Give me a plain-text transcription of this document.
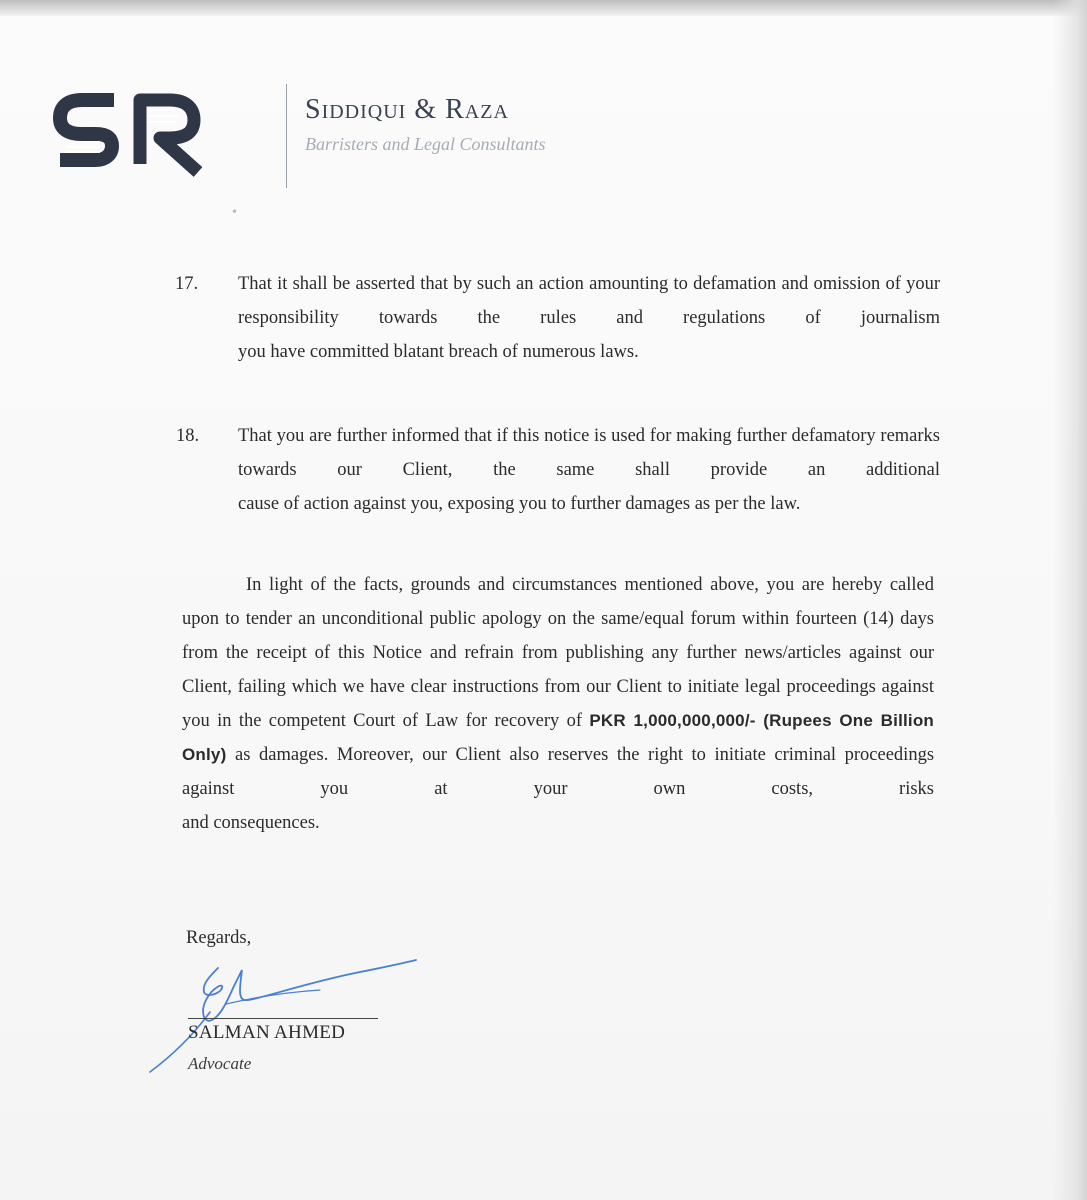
Siddiqui & Raza
Barristers and Legal Consultants
•
17. That it shall be asserted that by such an action amounting to defamation and omission of your responsibility towards the rules and regulations of journalism
you have committed blatant breach of numerous laws.
18. That you are further informed that if this notice is used for making further defamatory remarks towards our Client, the same shall provide an additional
cause of action against you, exposing you to further damages as per the law.
In light of the facts, grounds and circumstances mentioned above, you are hereby called upon to tender an unconditional public apology on the same/equal forum within fourteen (14) days from the receipt of this Notice and refrain from publishing any further news/articles against our Client, failing which we have clear instructions from our Client to initiate legal proceedings against you in the competent Court of Law for recovery of PKR 1,000,000,000/- (Rupees One Billion Only) as damages. Moreover, our Client also reserves the right to initiate criminal proceedings against you at your own costs, risks
and consequences.
Regards,
SALMAN AHMED
Advocate
